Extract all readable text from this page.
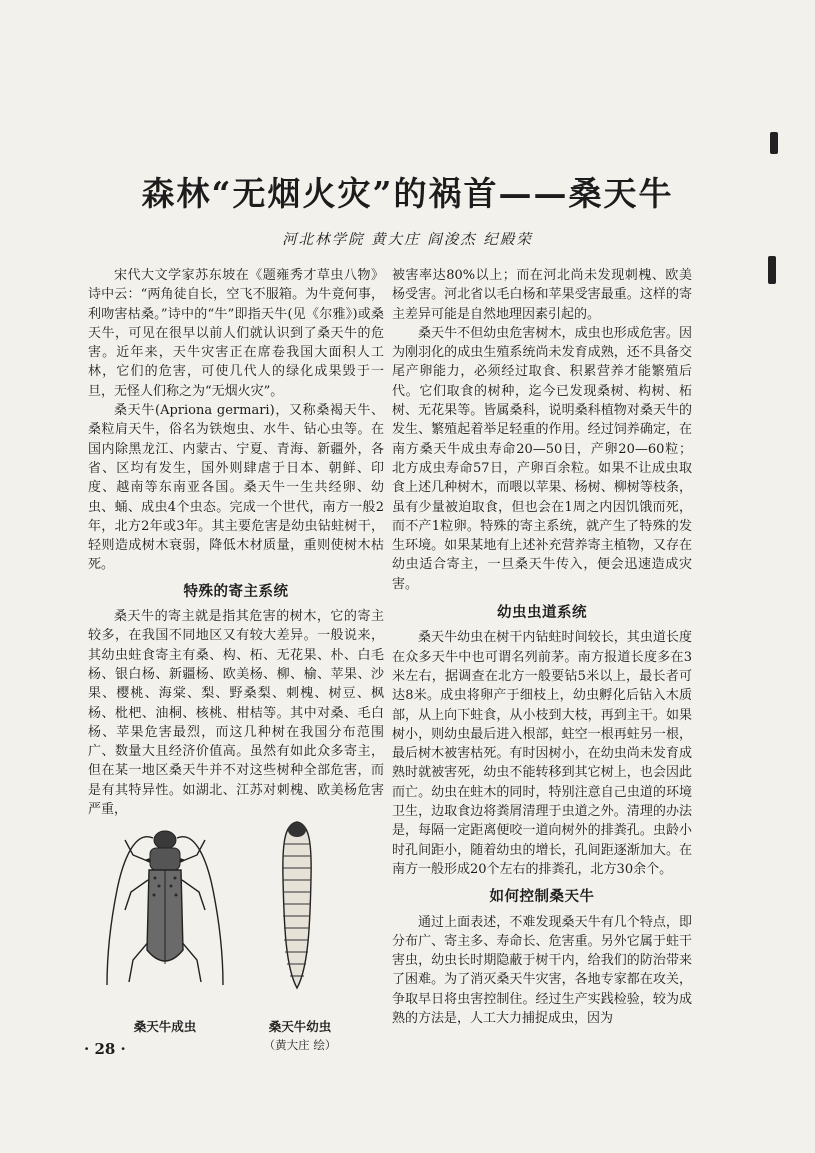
森林“无烟火灾”的祸首——桑天牛
河北林学院 黄大庄 阎浚杰 纪殿荣

宋代大文学家苏东坡在《题雍秀才草虫八物》诗中云：“两角徒自长，空飞不服箱。为牛竟何事，利吻害枯桑。”诗中的“牛”即指天牛(见《尔雅》)或桑天牛，可见在很早以前人们就认识到了桑天牛的危害。近年来，天牛灾害正在席卷我国大面积人工林，它们的危害，可使几代人的绿化成果毁于一旦，无怪人们称之为“无烟火灾”。

桑天牛(Apriona germari)，又称桑褐天牛、桑粒肩天牛，俗名为铁炮虫、水牛、钻心虫等。在国内除黑龙江、内蒙古、宁夏、青海、新疆外，各省、区均有发生，国外则肆虐于日本、朝鲜、印度、越南等东南亚各国。桑天牛一生共经卵、幼虫、蛹、成虫4个虫态。完成一个世代，南方一般2年，北方2年或3年。其主要危害是幼虫钻蛀树干，轻则造成树木衰弱，降低木材质量，重则使树木枯死。

特殊的寄主系统

桑天牛的寄主就是指其危害的树木，它的寄主较多，在我国不同地区又有较大差异。一般说来，其幼虫蛀食寄主有桑、构、柘、无花果、朴、白毛杨、银白杨、新疆杨、欧美杨、柳、榆、苹果、沙果、樱桃、海棠、梨、野桑梨、刺槐、树豆、枫杨、枇杷、油桐、核桃、柑桔等。其中对桑、毛白杨、苹果危害最烈，而这几种树在我国分布范围广、数量大且经济价值高。虽然有如此众多寄主，但在某一地区桑天牛并不对这些树种全部危害，而是有其特异性。如湖北、江苏对刺槐、欧美杨危害严重，

被害率达80%以上；而在河北尚未发现刺槐、欧美杨受害。河北省以毛白杨和苹果受害最重。这样的寄主差异可能是自然地理因素引起的。

桑天牛不但幼虫危害树木，成虫也形成危害。因为刚羽化的成虫生殖系统尚未发育成熟，还不具备交尾产卵能力，必须经过取食、积累营养才能繁殖后代。它们取食的树种，迄今已发现桑树、构树、柘树、无花果等。皆属桑科，说明桑科植物对桑天牛的发生、繁殖起着举足轻重的作用。经过饲养确定，在南方桑天牛成虫寿命20—50日，产卵20—60粒；北方成虫寿命57日，产卵百余粒。如果不让成虫取食上述几种树木，而喂以苹果、杨树、柳树等枝条，虽有少量被迫取食，但也会在1周之内因饥饿而死，而不产1粒卵。特殊的寄主系统，就产生了特殊的发生环境。如果某地有上述补充营养寄主植物，又存在幼虫适合寄主，一旦桑天牛传入，便会迅速造成灾害。

幼虫虫道系统

桑天牛幼虫在树干内钻蛀时间较长，其虫道长度在众多天牛中也可谓名列前茅。南方报道长度多在3米左右，据调查在北方一般要钻5米以上，最长者可达8米。成虫将卵产于细枝上，幼虫孵化后钻入木质部，从上向下蛀食，从小枝到大枝，再到主干。如果树小，则幼虫最后进入根部，蛀空一根再蛀另一根，最后树木被害枯死。有时因树小，在幼虫尚未发育成熟时就被害死，幼虫不能转移到其它树上，也会因此而亡。幼虫在蛀木的同时，特别注意自己虫道的环境卫生，边取食边将粪屑清理于虫道之外。清理的办法是，每隔一定距离便咬一道向树外的排粪孔。虫龄小时孔间距小，随着幼虫的增长，孔间距逐渐加大。在南方一般形成20个左右的排粪孔，北方30余个。

如何控制桑天牛

通过上面表述，不难发现桑天牛有几个特点，即分布广、寄主多、寿命长、危害重。另外它属于蛀干害虫，幼虫长时期隐蔽于树干内，给我们的防治带来了困难。为了消灭桑天牛灾害，各地专家都在攻关，争取早日将虫害控制住。经过生产实践检验，较为成熟的方法是，人工大力捕捉成虫，因为

桑天牛成虫	桑天牛幼虫
（黄大庄 绘）
· 28 ·
